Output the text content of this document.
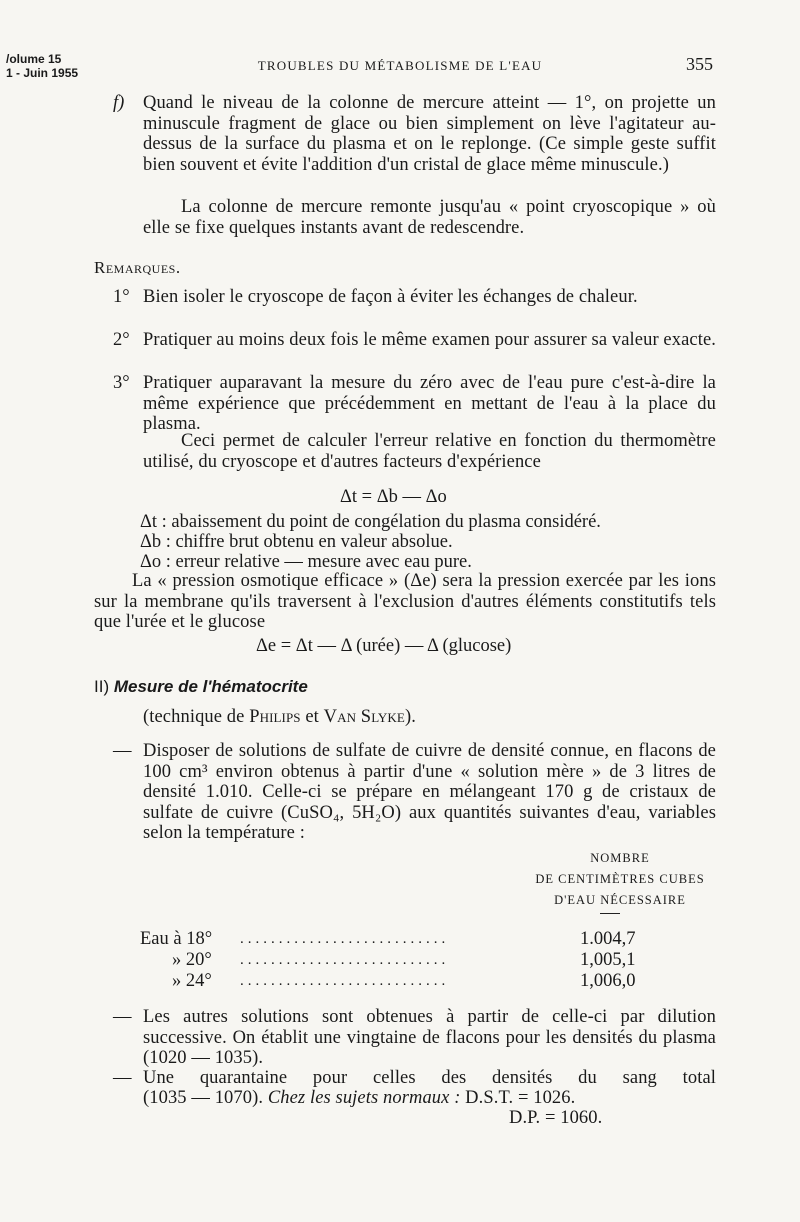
/olume 15
1 - Juin 1955	TROUBLES DU MÉTABOLISME DE L'EAU	355
f) Quand le niveau de la colonne de mercure atteint — 1°, on projette un minuscule fragment de glace ou bien simplement on lève l'agitateur au-dessus de la surface du plasma et on le replonge. (Ce simple geste suffit bien souvent et évite l'addition d'un cristal de glace même minuscule.)
La colonne de mercure remonte jusqu'au « point cryoscopique » où elle se fixe quelques instants avant de redescendre.
Remarques.
1° Bien isoler le cryoscope de façon à éviter les échanges de chaleur.
2° Pratiquer au moins deux fois le même examen pour assurer sa valeur exacte.
3° Pratiquer auparavant la mesure du zéro avec de l'eau pure c'est-à-dire la même expérience que précédemment en mettant de l'eau à la place du plasma.
Ceci permet de calculer l'erreur relative en fonction du thermomètre utilisé, du cryoscope et d'autres facteurs d'expérience
Δt = Δb — Δo
Δt : abaissement du point de congélation du plasma considéré.
Δb : chiffre brut obtenu en valeur absolue.
Δo : erreur relative — mesure avec eau pure.
La « pression osmotique efficace » (Δe) sera la pression exercée par les ions sur la membrane qu'ils traversent à l'exclusion d'autres éléments constitutifs tels que l'urée et le glucose
Δe = Δt — Δ (urée) — Δ (glucose)
II) Mesure de l'hématocrite
(technique de Philips et Van Slyke).
— Disposer de solutions de sulfate de cuivre de densité connue, en flacons de 100 cm³ environ obtenus à partir d'une « solution mère » de 3 litres de densité 1.010. Celle-ci se prépare en mélangeant 170 g de cristaux de sulfate de cuivre (CuSO₄, 5H₂O) aux quantités suivantes d'eau, variables selon la température :
NOMBRE
DE CENTIMÈTRES CUBES
D'EAU NÉCESSAIRE
Eau à 18° ...........................	1.004,7
» 20° ...........................	1,005,1
» 24° ...........................	1,006,0
— Les autres solutions sont obtenues à partir de celle-ci par dilution successive. On établit une vingtaine de flacons pour les densités du plasma (1020 — 1035).
— Une quarantaine pour celles des densités du sang total
(1035 — 1070). Chez les sujets normaux : D.S.T. = 1026.
D.P. = 1060.
